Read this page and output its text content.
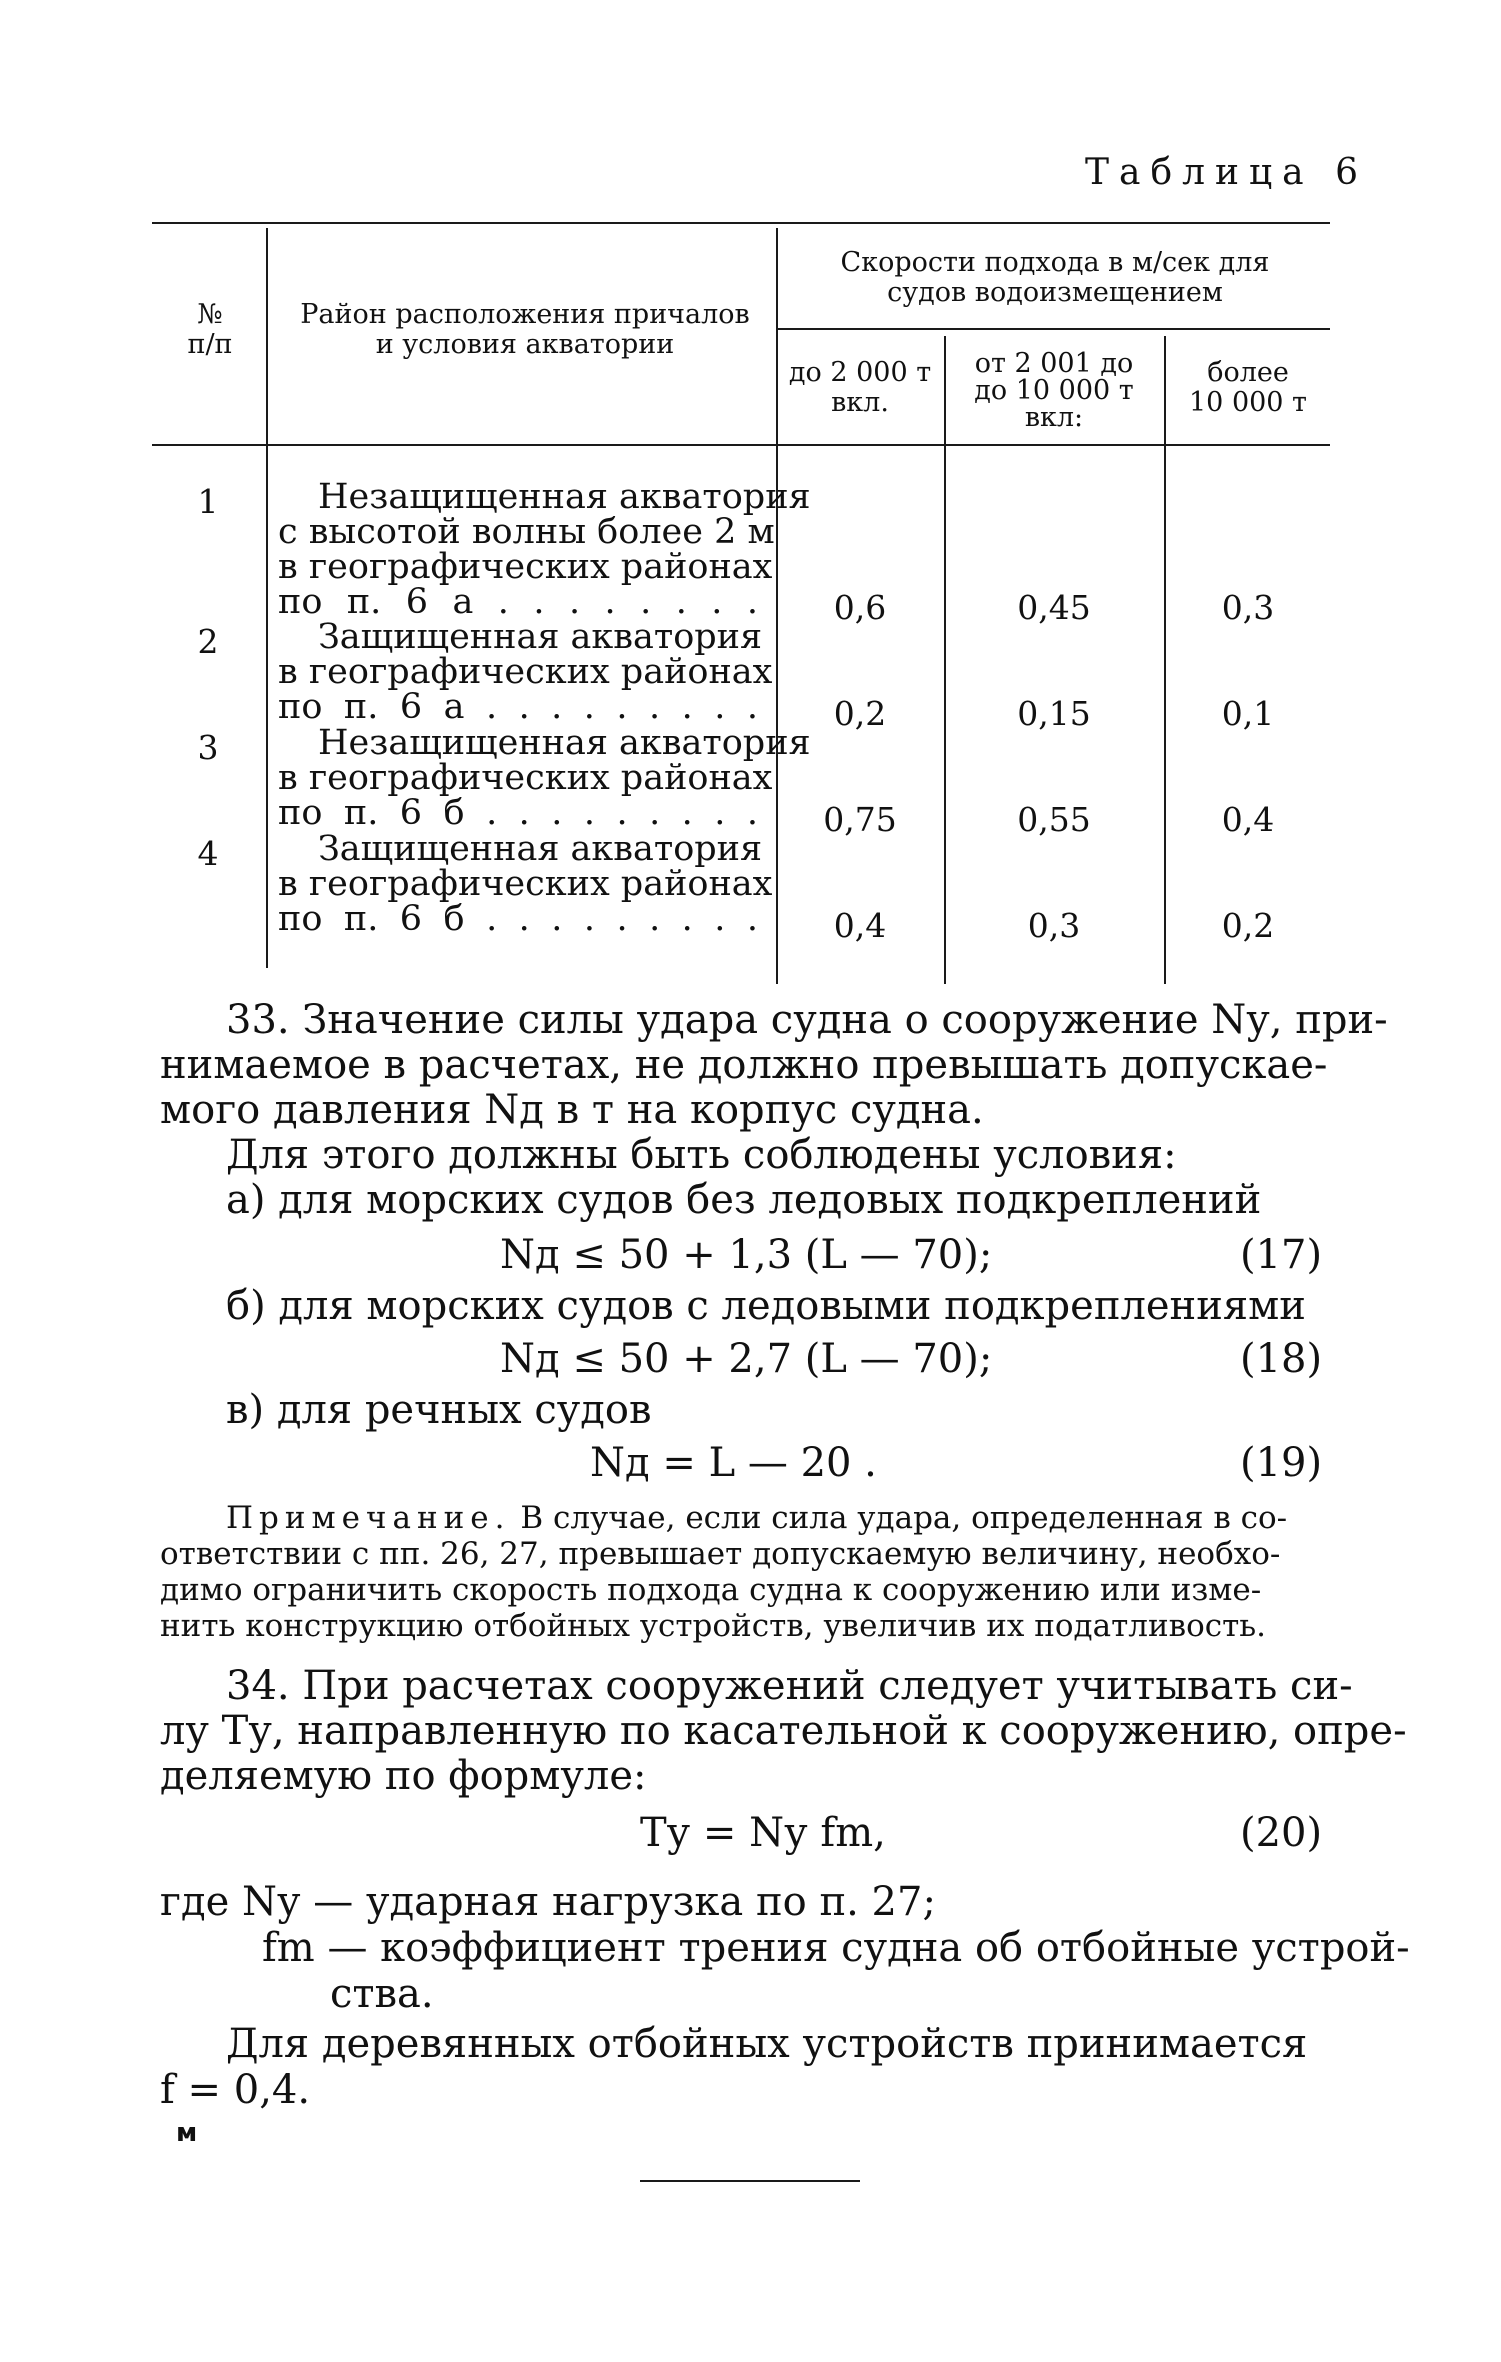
Таблица 6
№
п/п
Район расположения причалов
и условия акватории
Скорости подхода в м/сек для
судов водоизмещением
до 2 000 т
вкл.
от 2 001 до
до 10 000 т
вкл:
более
10 000 т
1	Незащищенная акватория
с высотой волны более 2 м
в географических районах
по п. 6 а . . . . . . . .	0,6	0,45	0,3
2	Защищенная акватория
в географических районах
по п. 6 а . . . . . . . . .	0,2	0,15	0,1
3	Незащищенная акватория
в географических районах
по п. 6 б . . . . . . . . .	0,75	0,55	0,4
4	Защищенная акватория
в географических районах
по п. 6 б . . . . . . . . .	0,4	0,3	0,2
33. Значение силы удара судна о сооружение Nу, при-
нимаемое в расчетах, не должно превышать допускае-
мого давления Nд в т на корпус судна.
Для этого должны быть соблюдены условия:
а) для морских судов без ледовых подкреплений
Nд ≤ 50 + 1,3 (L — 70);	(17)
б) для морских судов с ледовыми подкреплениями
Nд ≤ 50 + 2,7 (L — 70);	(18)
в) для речных судов
Nд = L — 20 .	(19)
Примечание. В случае, если сила удара, определенная в со-
ответствии с пп. 26, 27, превышает допускаемую величину, необхо-
димо ограничить скорость подхода судна к сооружению или изме-
нить конструкцию отбойных устройств, увеличив их податливость.
34. При расчетах сооружений следует учитывать си-
лу Tу, направленную по касательной к сооружению, опре-
деляемую по формуле:
Tу = Nу fm,	(20)
где Nу — ударная нагрузка по п. 27;
fm — коэффициент трения судна об отбойные устрой-
ства.
Для деревянных отбойных устройств принимается
f = 0,4.
м
